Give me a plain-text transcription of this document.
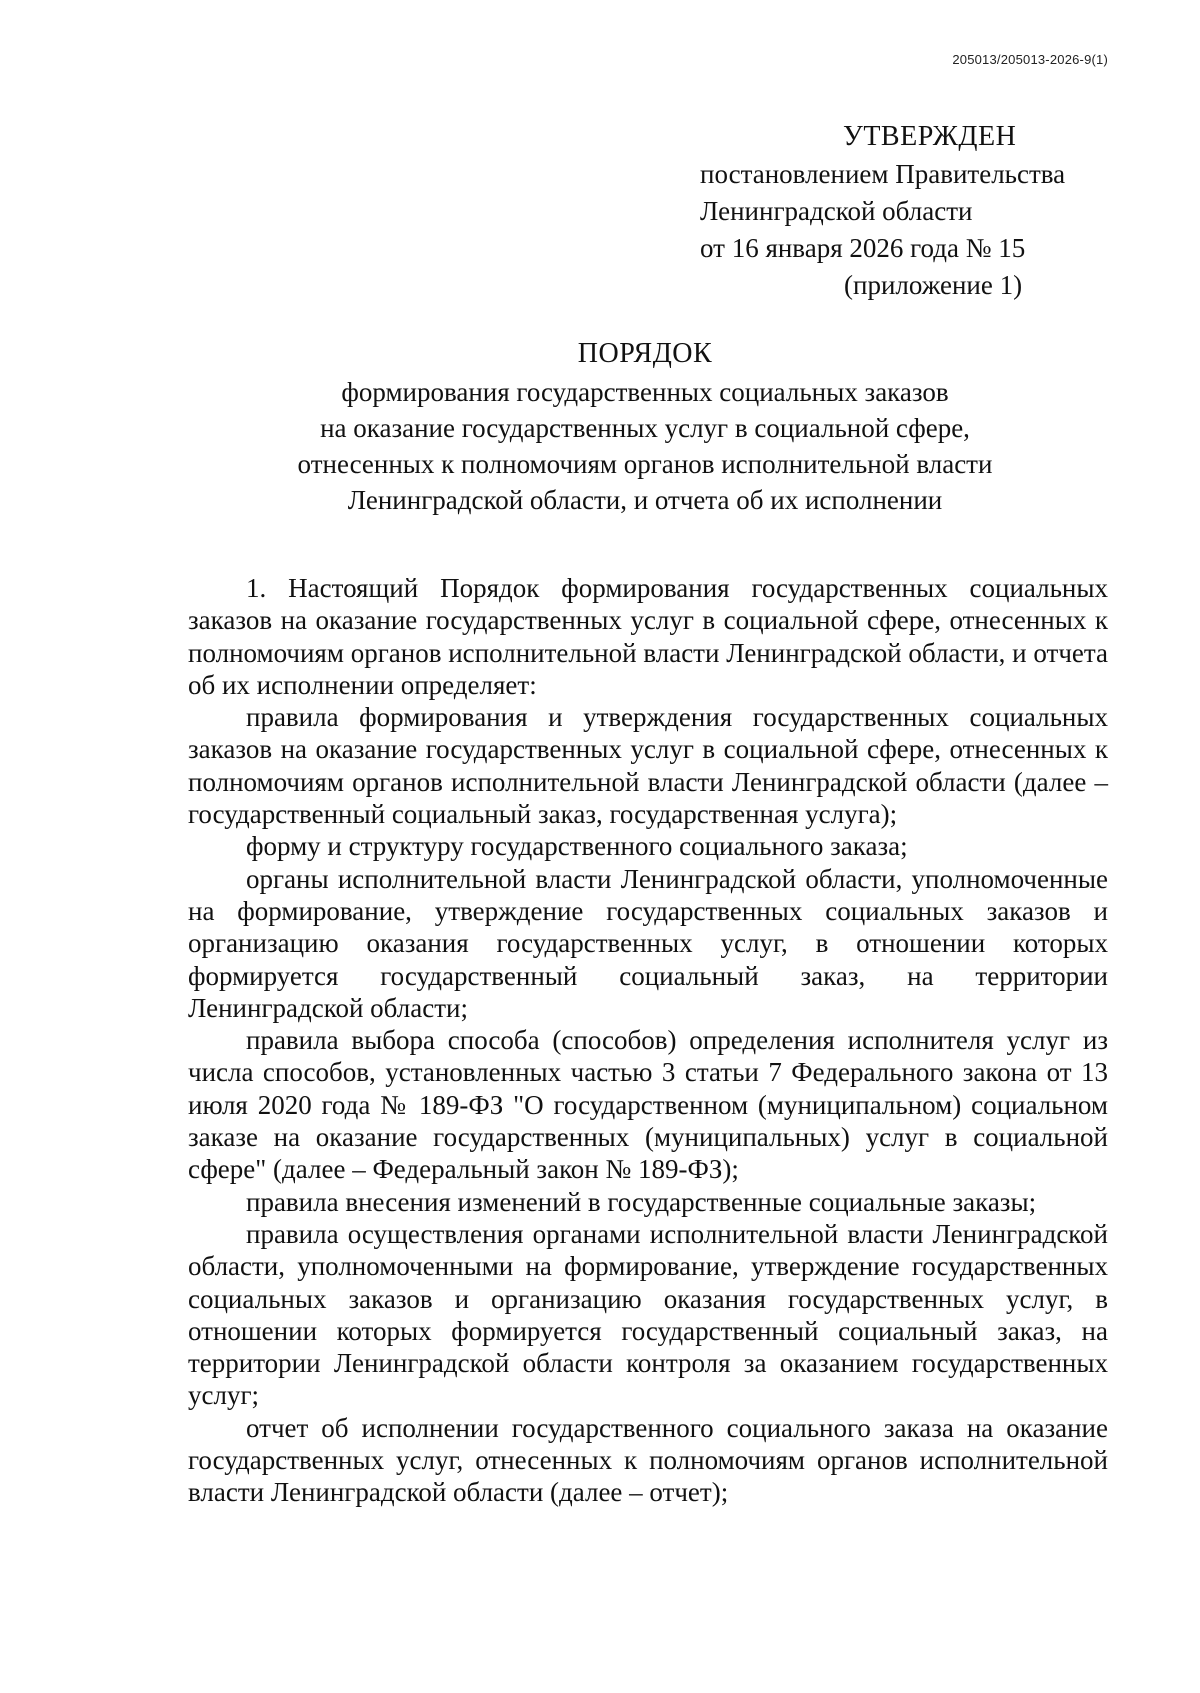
205013/205013-2026-9(1)
УТВЕРЖДЕН
постановлением Правительства
Ленинградской области
от 16 января 2026 года № 15
(приложение 1)
ПОРЯДОК
формирования государственных социальных заказов
на оказание государственных услуг в социальной сфере,
отнесенных к полномочиям органов исполнительной власти
Ленинградской области, и отчета об их исполнении

1. Настоящий Порядок формирования государственных социальных заказов на оказание государственных услуг в социальной сфере, отнесенных к полномочиям органов исполнительной власти Ленинградской области, и отчета об их исполнении определяет:

правила формирования и утверждения государственных социальных заказов на оказание государственных услуг в социальной сфере, отнесенных к полномочиям органов исполнительной власти Ленинградской области (далее – государственный социальный заказ, государственная услуга);

форму и структуру государственного социального заказа;

органы исполнительной власти Ленинградской области, уполномоченные на формирование, утверждение государственных социальных заказов и организацию оказания государственных услуг, в отношении которых формируется государственный социальный заказ, на территории Ленинградской области;

правила выбора способа (способов) определения исполнителя услуг из числа способов, установленных частью 3 статьи 7 Федерального закона от 13 июля 2020 года № 189-ФЗ "О государственном (муниципальном) социальном заказе на оказание государственных (муниципальных) услуг в социальной сфере" (далее – Федеральный закон № 189-ФЗ);

правила внесения изменений в государственные социальные заказы;

правила осуществления органами исполнительной власти Ленинградской области, уполномоченными на формирование, утверждение государственных социальных заказов и организацию оказания государственных услуг, в отношении которых формируется государственный социальный заказ, на территории Ленинградской области контроля за оказанием государственных услуг;

отчет об исполнении государственного социального заказа на оказание государственных услуг, отнесенных к полномочиям органов исполнительной власти Ленинградской области (далее – отчет);
